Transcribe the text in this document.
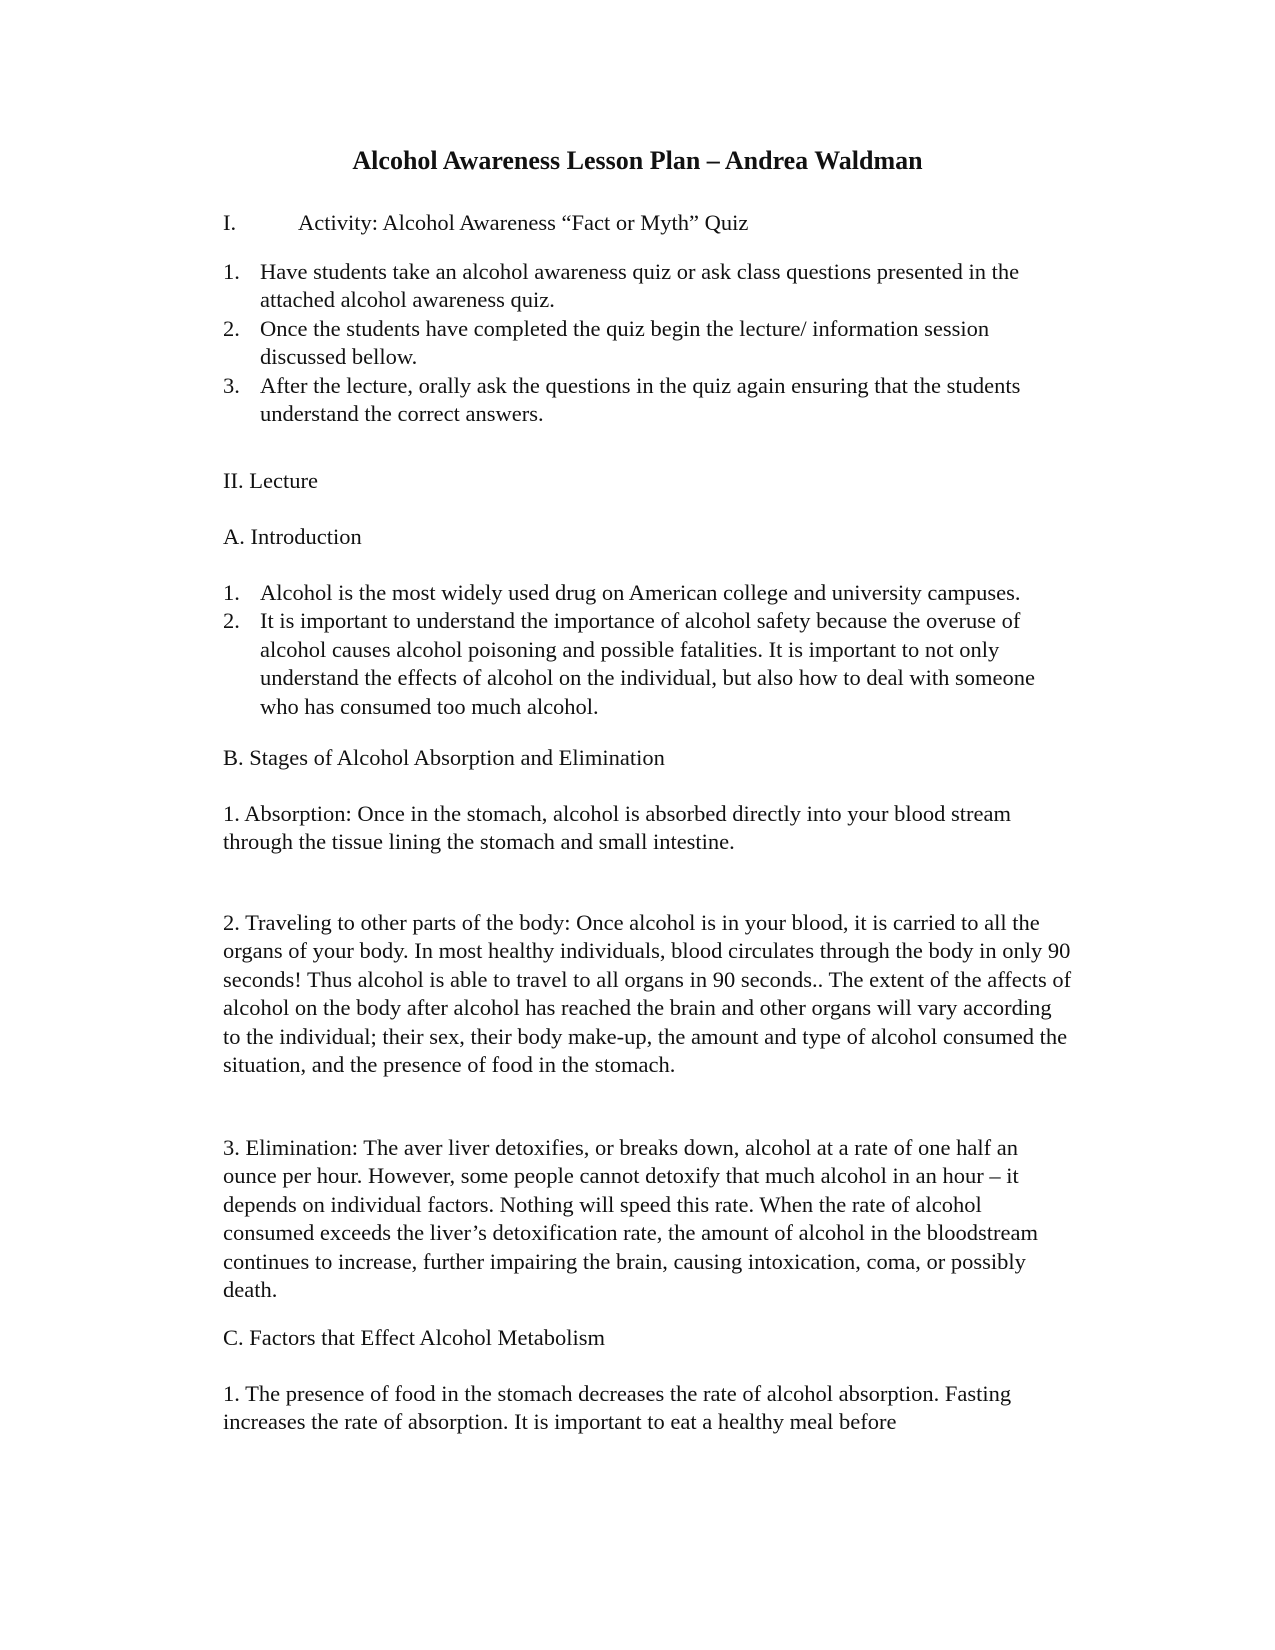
Alcohol Awareness Lesson Plan – Andrea Waldman
I.	Activity: Alcohol Awareness “Fact or Myth” Quiz
1. Have students take an alcohol awareness quiz or ask class questions presented in the attached alcohol awareness quiz.
2. Once the students have completed the quiz begin the lecture/ information session discussed bellow.
3. After the lecture, orally ask the questions in the quiz again ensuring that the students understand the correct answers.
II. Lecture
A. Introduction
1. Alcohol is the most widely used drug on American college and university campuses.
2. It is important to understand the importance of alcohol safety because the overuse of alcohol causes alcohol poisoning and possible fatalities. It is important to not only understand the effects of alcohol on the individual, but also how to deal with someone who has consumed too much alcohol.
B. Stages of Alcohol Absorption and Elimination

1. Absorption: Once in the stomach, alcohol is absorbed directly into your blood stream through the tissue lining the stomach and small intestine.

2. Traveling to other parts of the body: Once alcohol is in your blood, it is carried to all the organs of your body. In most healthy individuals, blood circulates through the body in only 90 seconds! Thus alcohol is able to travel to all organs in 90 seconds.. The extent of the affects of alcohol on the body after alcohol has reached the brain and other organs will vary according to the individual; their sex, their body make-up, the amount and type of alcohol consumed the situation, and the presence of food in the stomach.

3. Elimination: The aver liver detoxifies, or breaks down, alcohol at a rate of one half an ounce per hour. However, some people cannot detoxify that much alcohol in an hour – it depends on individual factors. Nothing will speed this rate. When the rate of alcohol consumed exceeds the liver’s detoxification rate, the amount of alcohol in the bloodstream continues to increase, further impairing the brain, causing intoxication, coma, or possibly death.

C. Factors that Effect Alcohol Metabolism

1. The presence of food in the stomach decreases the rate of alcohol absorption. Fasting increases the rate of absorption. It is important to eat a healthy meal before
